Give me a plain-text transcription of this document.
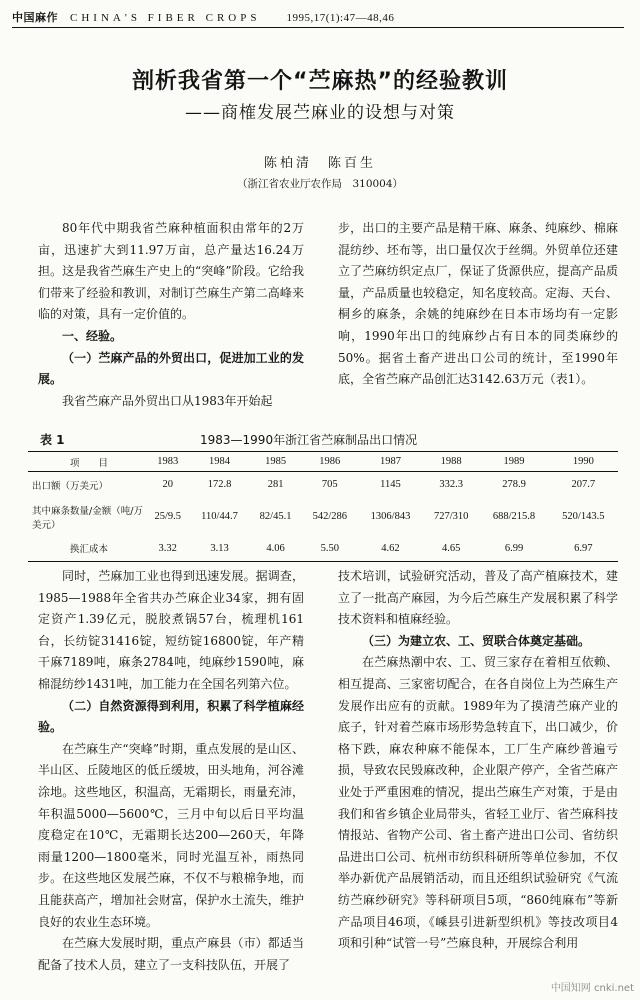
中国麻作 CHINA'S FIBER CROPS 1995,17(1):47—48,46
剖析我省第一个“苎麻热”的经验教训
——商榷发展苎麻业的设想与对策
陈柏清　陈百生
（浙江省农业厅农作局　310004）

80年代中期我省苎麻种植面积由常年的2万亩，迅速扩大到11.97万亩，总产量达16.24万担。这是我省苎麻生产史上的“突峰”阶段。它给我们带来了经验和教训，对制订苎麻生产第二高峰来临的对策，具有一定价值的。

一、经验。

（一）苎麻产品的外贸出口，促进加工业的发展。

我省苎麻产品外贸出口从1983年开始起

步，出口的主要产品是精干麻、麻条、纯麻纱、棉麻混纺纱、坯布等，出口量仅次于丝绸。外贸单位还建立了苎麻纺织定点厂，保证了货源供应，提高产品质量，产品质量也较稳定，知名度较高。定海、天台、桐乡的麻条，余姚的纯麻纱在日本市场均有一定影响，1990年出口的纯麻纱占有日本的同类麻纱的50%。据省土畜产进出口公司的统计，至1990年底，全省苎麻产品创汇达3142.63万元（表1）。

表 1	1983—1990年浙江省苎麻制品出口情况
项　　目	1983	1984	1985	1986	1987	1988	1989	1990
出口额（万美元）	20	172.8	281	705	1145	332.3	278.9	207.7
其中麻条数量/金额（吨/万美元）	25/9.5	110/44.7	82/45.1	542/286	1306/843	727/310	688/215.8	520/143.5
换汇成本	3.32	3.13	4.06	5.50	4.62	4.65	6.99	6.97

同时，苎麻加工业也得到迅速发展。据调查，1985—1988年全省共办苎麻企业34家，拥有固定资产1.39亿元，脱胶煮锅57台，梳理机161台，长纺锭31416锭，短纺锭16800锭，年产精干麻7189吨，麻条2784吨，纯麻纱1590吨，麻棉混纺纱1431吨，加工能力在全国名列第六位。

（二）自然资源得到利用，积累了科学植麻经验。

在苎麻生产“突峰”时期，重点发展的是山区、半山区、丘陵地区的低丘缓坡，田头地角，河谷滩涂地。这些地区，积温高，无霜期长，雨量充沛，年积温5000—5600℃，三月中旬以后日平均温度稳定在10℃，无霜期长达200—260天，年降雨量1200—1800毫米，同时光温互补，雨热同步。在这些地区发展苎麻，不仅不与粮棉争地，而且能获高产，增加社会财富，保护水土流失，维护良好的农业生态环境。

在苎麻大发展时期，重点产麻县（市）都适当配备了技术人员，建立了一支科技队伍，开展了

技术培训，试验研究活动，普及了高产植麻技术，建立了一批高产麻园，为今后苎麻生产发展积累了科学技术资料和植麻经验。

（三）为建立农、工、贸联合体奠定基础。

在苎麻热潮中农、工、贸三家存在着相互依赖、相互提高、三家密切配合，在各自岗位上为苎麻生产发展作出应有的贡献。1989年为了摸清苎麻产业的底子，针对着苎麻市场形势急转直下，出口减少，价格下跌，麻农种麻不能保本，工厂生产麻纱普遍亏损，导致农民毁麻改种，企业限产停产，全省苎麻产业处于严重困难的情况，提出苎麻生产对策，于是由我们和省乡镇企业局带头，省轻工业厅、省苎麻科技情报站、省物产公司、省土畜产进出口公司、省纺织品进出口公司、杭州市纺织科研所等单位参加，不仅举办新优产品展销活动，而且还组织试验研究《气流纺苎麻纱研究》等科研项目5项，“860纯麻布”等新产品项目46项，《嵊县引进新型织机》等技改项目4项和引种“试管一号”苎麻良种，开展综合利用

中国知网 cnki.net
